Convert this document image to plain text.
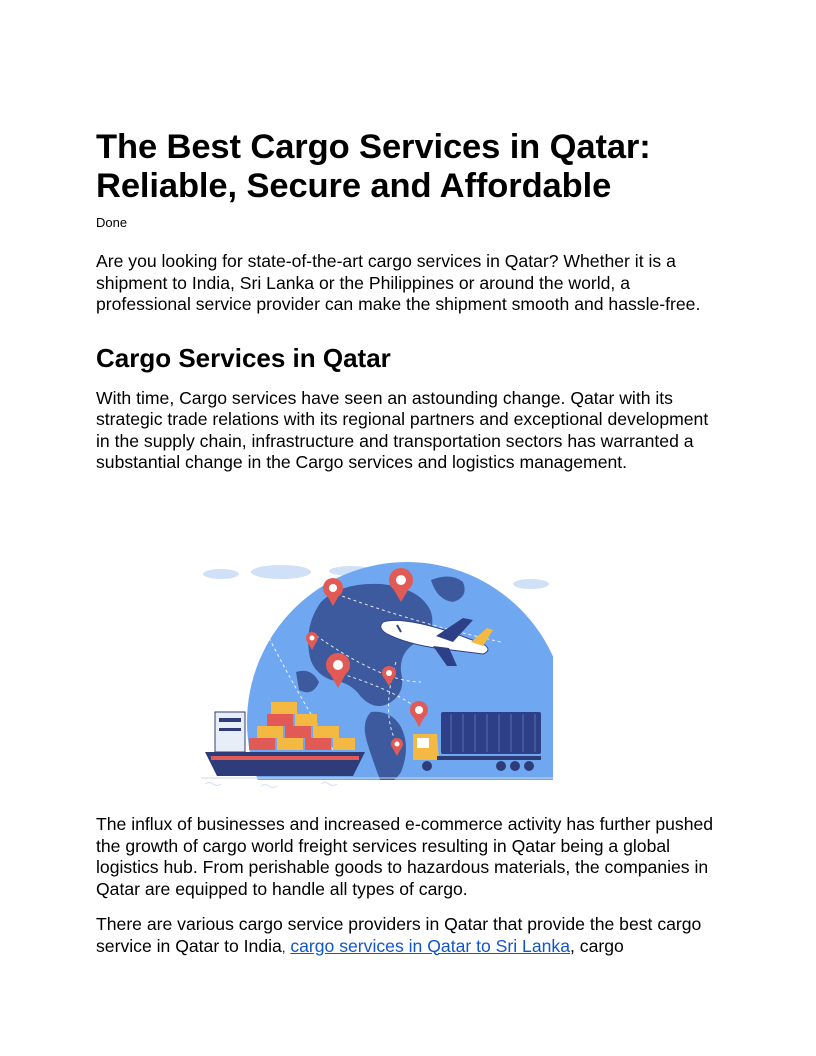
The Best Cargo Services in Qatar: Reliable, Secure and Affordable
Done

Are you looking for state-of-the-art cargo services in Qatar? Whether it is a shipment to India, Sri Lanka or the Philippines or around the world, a professional service provider can make the shipment smooth and hassle-free.

Cargo Services in Qatar

With time, Cargo services have seen an astounding change. Qatar with its strategic trade relations with its regional partners and exceptional development in the supply chain, infrastructure and transportation sectors has warranted a substantial change in the Cargo services and logistics management.

The influx of businesses and increased e-commerce activity has further pushed the growth of cargo world freight services resulting in Qatar being a global logistics hub. From perishable goods to hazardous materials, the companies in Qatar are equipped to handle all types of cargo.

There are various cargo service providers in Qatar that provide the best cargo service in Qatar to India, cargo services in Qatar to Sri Lanka, cargo
